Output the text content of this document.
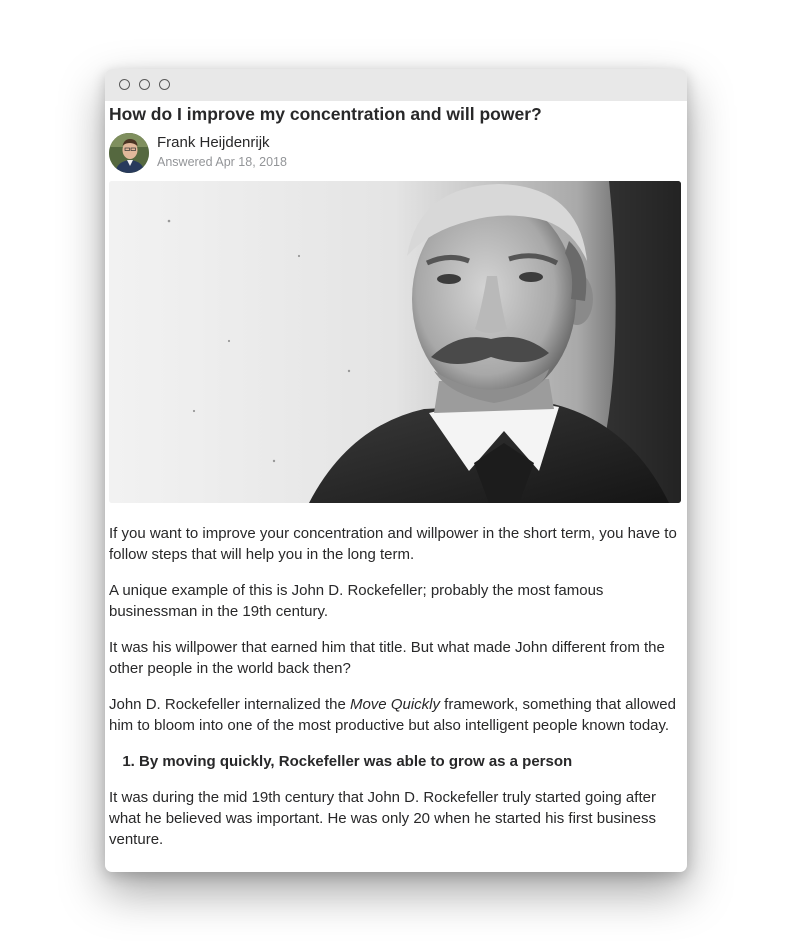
How do I improve my concentration and will power?
Frank Heijdenrijk
Answered Apr 18, 2018

If you want to improve your concentration and willpower in the short term, you have to follow steps that will help you in the long term.

A unique example of this is John D. Rockefeller; probably the most famous businessman in the 19th century.

It was his willpower that earned him that title. But what made John different from the other people in the world back then?

John D. Rockefeller internalized the Move Quickly framework, something that allowed him to bloom into one of the most productive but also intelligent people known today.

1. By moving quickly, Rockefeller was able to grow as a person

It was during the mid 19th century that John D. Rockefeller truly started going after what he believed was important. He was only 20 when he started his first business venture.
